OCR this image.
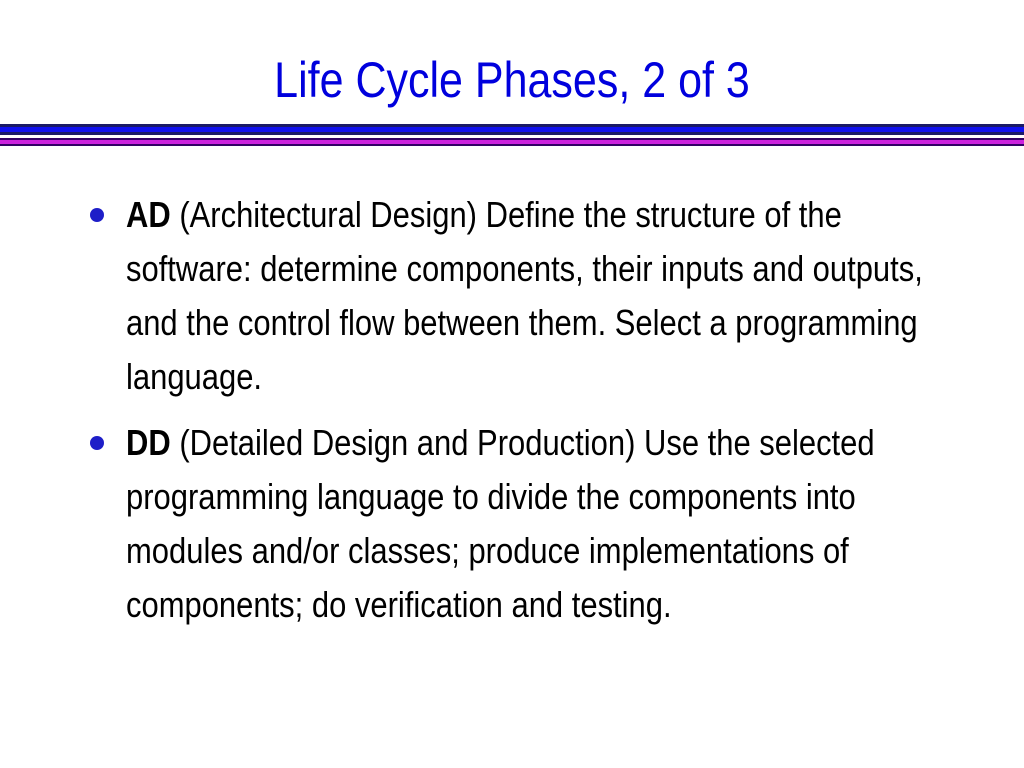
Life Cycle Phases, 2 of 3
AD (Architectural Design) Define the structure of the software: determine components, their inputs and outputs, and the control flow between them. Select a programming language.
DD (Detailed Design and Production) Use the selected programming language to divide the components into modules and/or classes; produce implementations of components; do verification and testing.
